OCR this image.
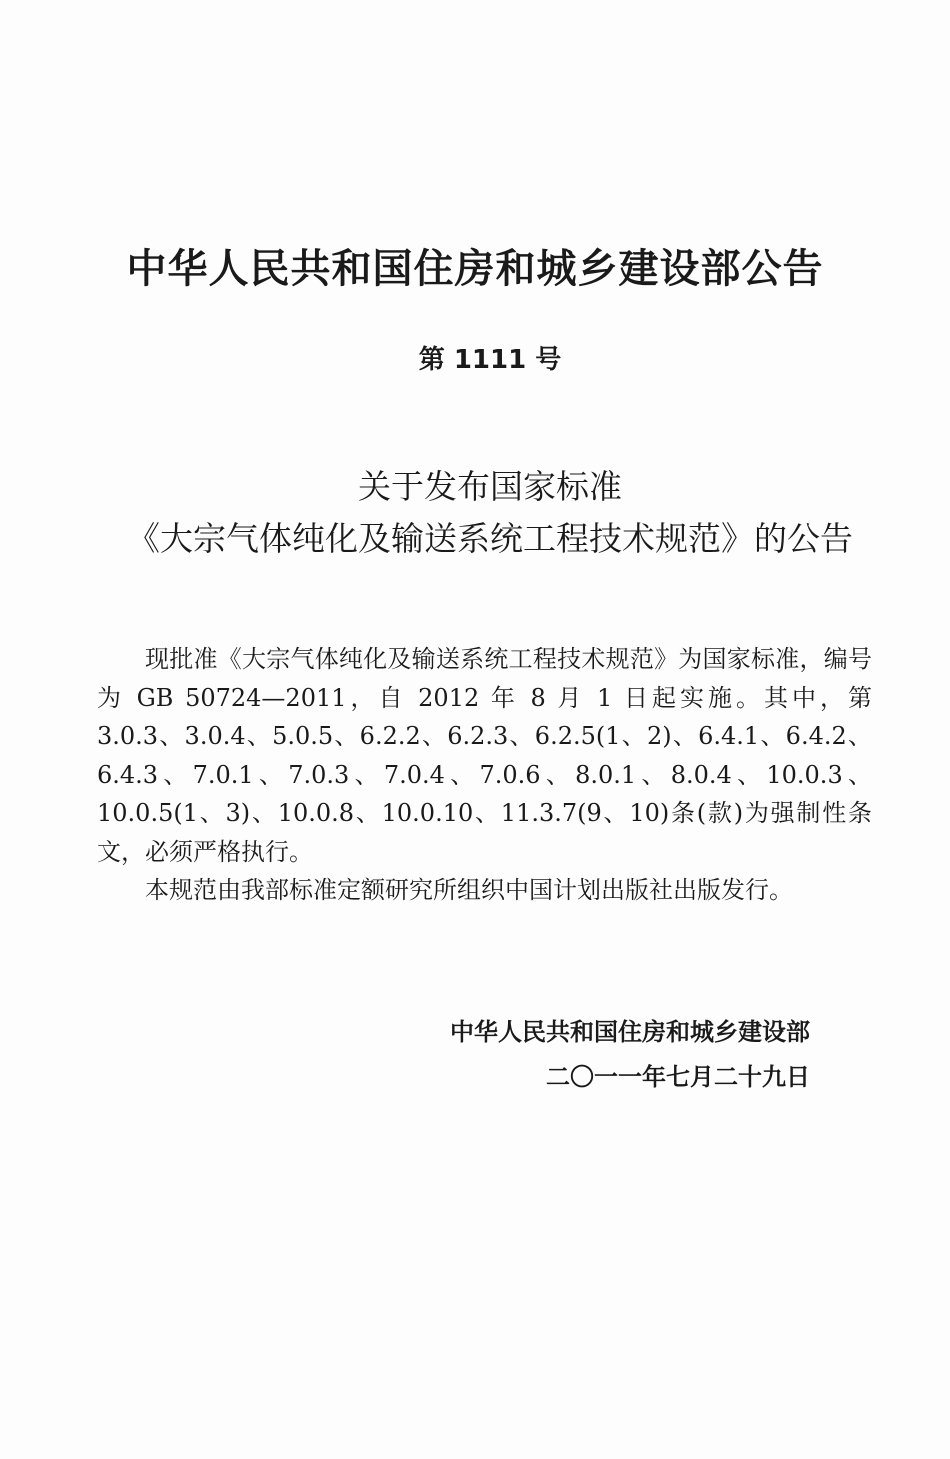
中华人民共和国住房和城乡建设部公告
第 1111 号
关于发布国家标准
《大宗气体纯化及输送系统工程技术规范》的公告

现批准《大宗气体纯化及输送系统工程技术规范》为国家标准，编号为 GB 50724—2011，自 2012 年 8 月 1 日起实施。其中，第 3.0.3、3.0.4、5.0.5、6.2.2、6.2.3、6.2.5(1、2)、6.4.1、6.4.2、6.4.3、7.0.1、7.0.3、7.0.4、7.0.6、8.0.1、8.0.4、10.0.3、10.0.5(1、3)、10.0.8、10.0.10、11.3.7(9、10)条(款)为强制性条文，必须严格执行。

本规范由我部标准定额研究所组织中国计划出版社出版发行。

中华人民共和国住房和城乡建设部
二〇一一年七月二十九日
